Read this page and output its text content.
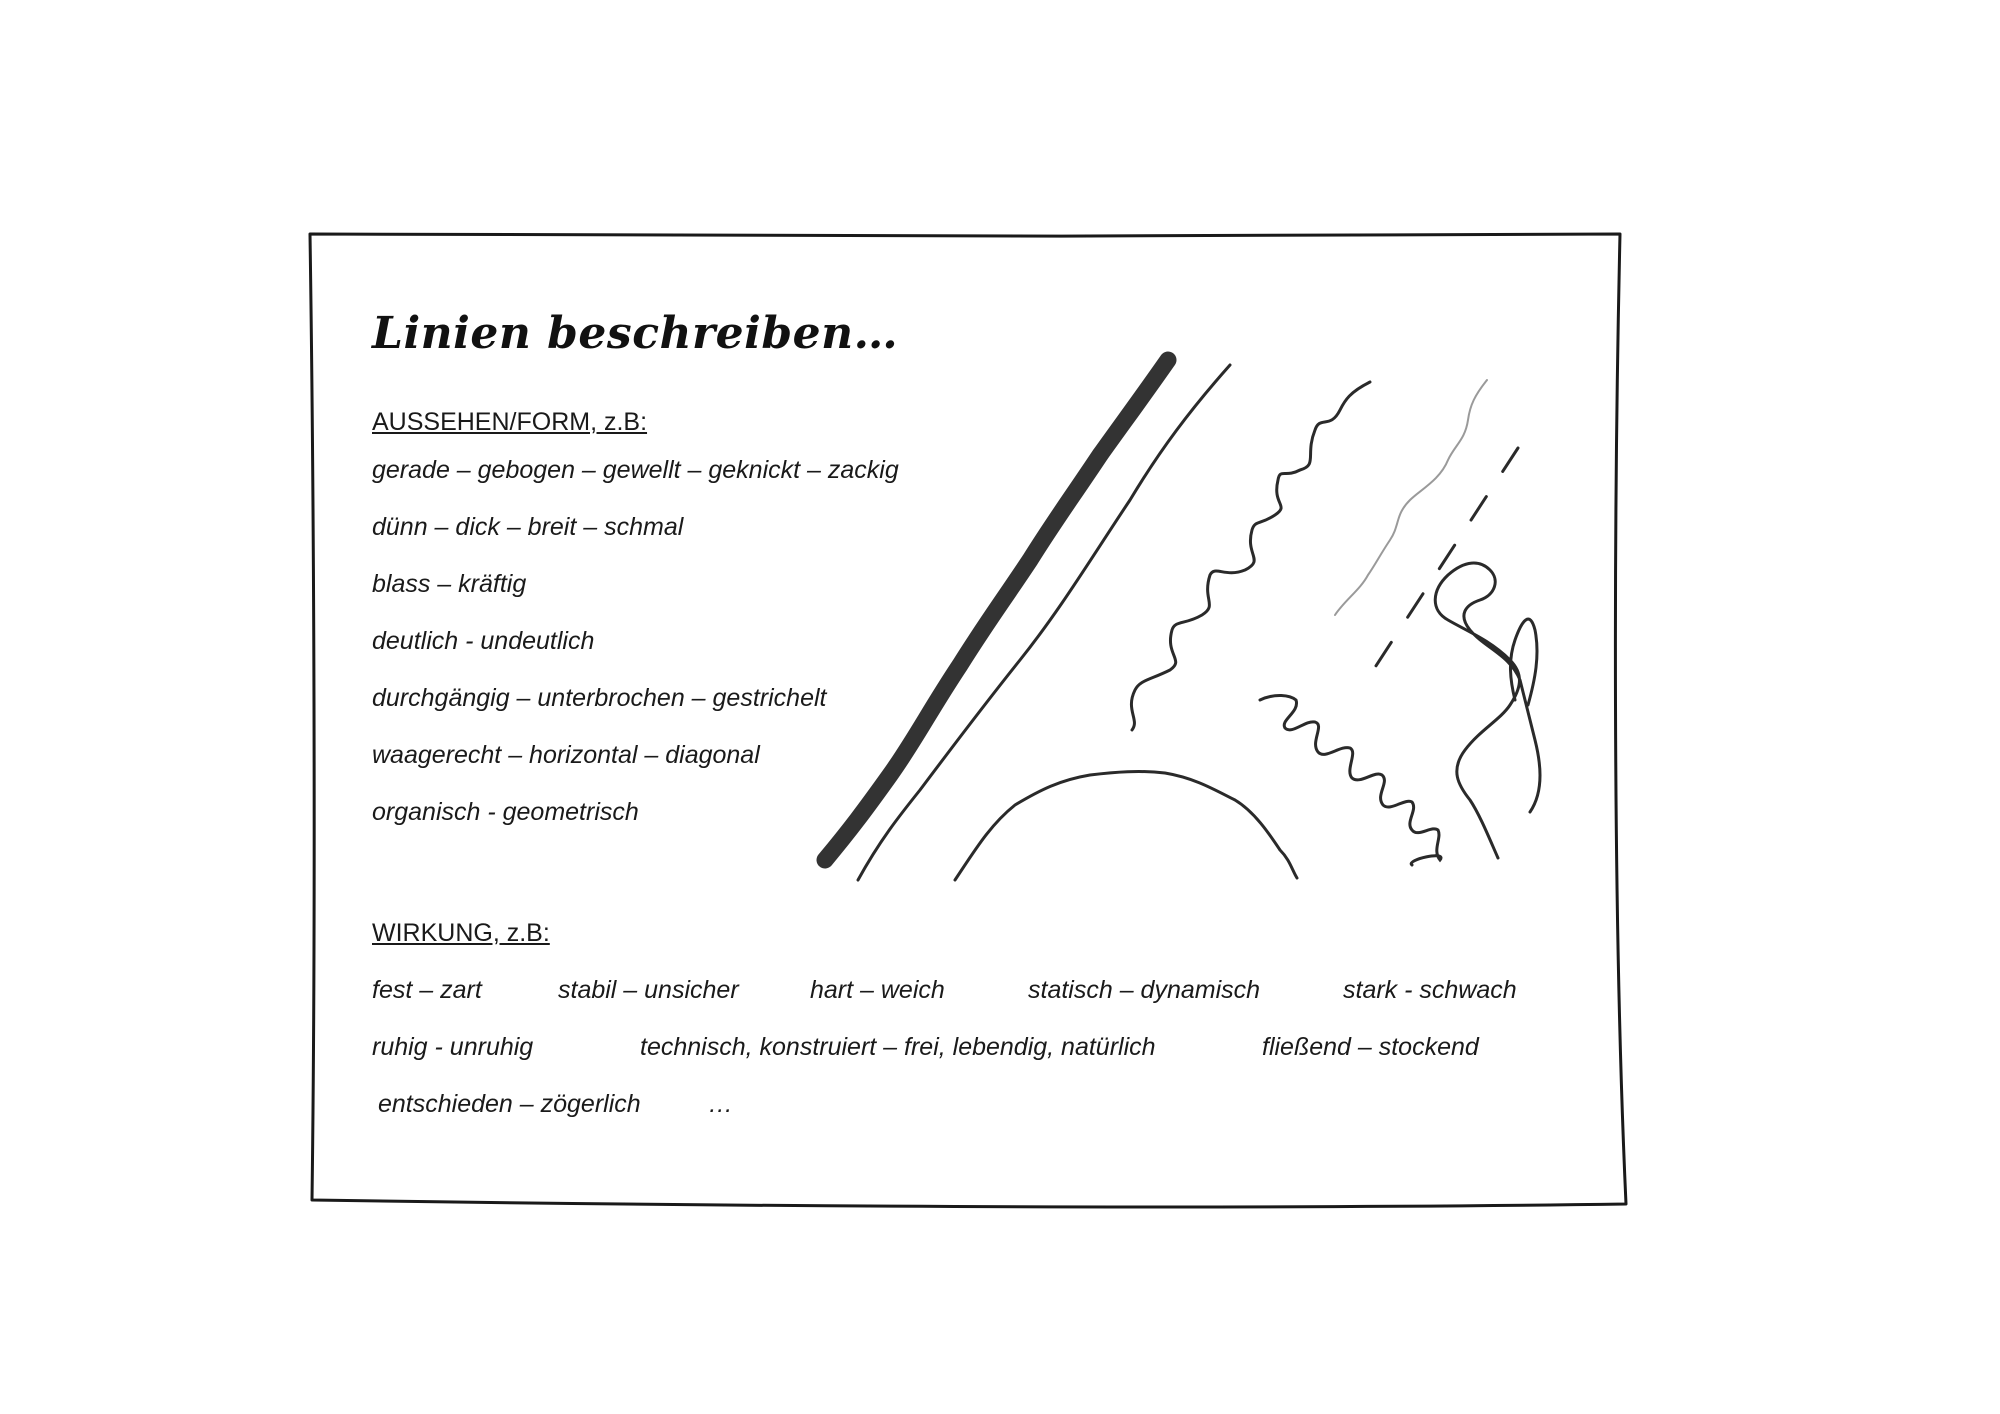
Linien beschreiben…
AUSSEHEN/FORM, z.B:
gerade – gebogen – gewellt – geknickt – zackig
dünn – dick – breit – schmal
blass – kräftig
deutlich - undeutlich
durchgängig – unterbrochen – gestrichelt
waagerecht – horizontal – diagonal
organisch - geometrisch
WIRKUNG, z.B:
fest – zart	stabil – unsicher	hart – weich	statisch – dynamisch	stark - schwach
ruhig - unruhig	technisch, konstruiert – frei, lebendig, natürlich	fließend – stockend
entschieden – zögerlich	…
